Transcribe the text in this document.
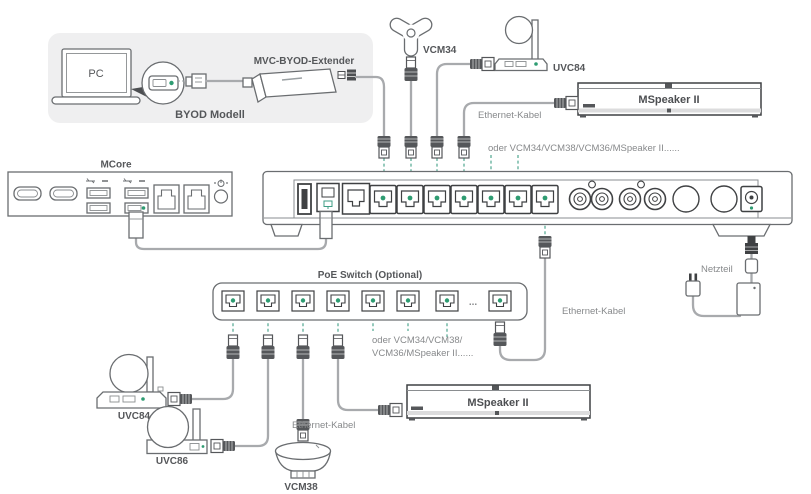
PC
MVC-BYOD-Extender
BYOD Modell
VCM34
UVC84
MSpeaker II
Ethernet-Kabel
oder VCM34/VCM38/VCM36/MSpeaker II......
MCore
Ethernet-Kabel
Netzteil
PoE Switch (Optional)
...
oder VCM34/VCM38/
VCM36/MSpeaker II......
UVC84
UVC86
VCM38
Ethernet-Kabel
MSpeaker II
